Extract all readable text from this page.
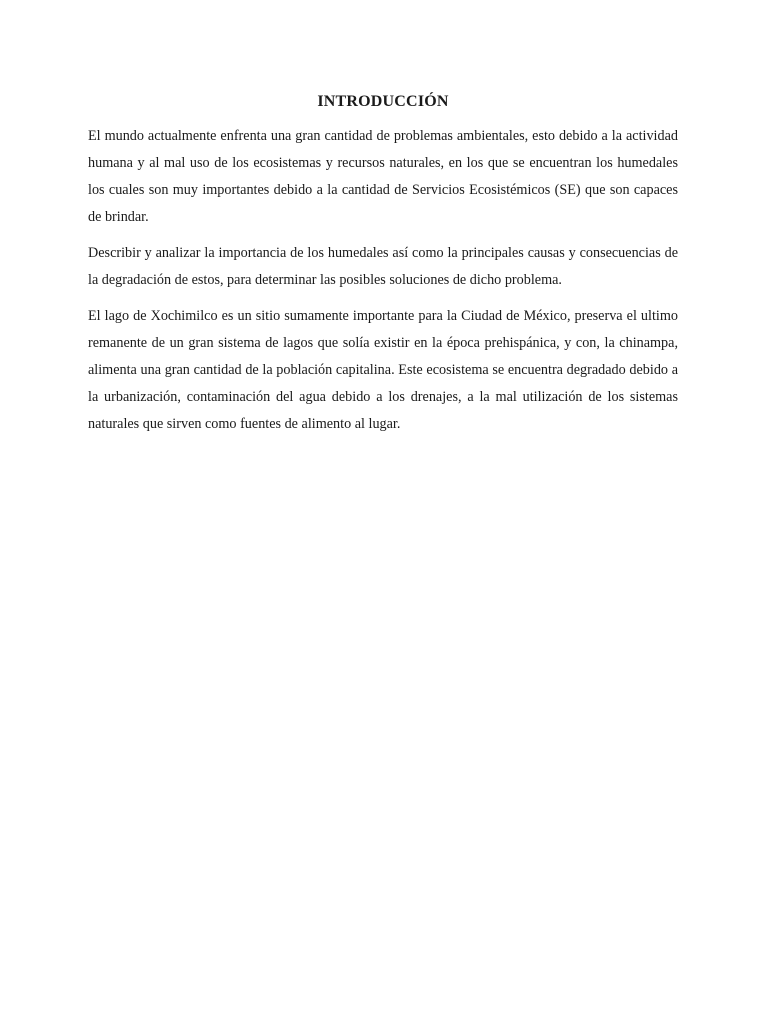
INTRODUCCIÓN

El mundo actualmente enfrenta una gran cantidad de problemas ambientales, esto debido a la actividad humana y al mal uso de los ecosistemas y recursos naturales, en los que se encuentran los humedales los cuales son muy importantes debido a la cantidad de Servicios Ecosistémicos (SE) que son capaces de brindar.

Describir y analizar la importancia de los humedales así como la principales causas y consecuencias de la degradación de estos, para determinar las posibles soluciones de dicho problema.

El lago de Xochimilco es un sitio sumamente importante para la Ciudad de México, preserva el ultimo remanente de un gran sistema de lagos que solía existir en la época prehispánica, y con, la chinampa, alimenta una gran cantidad de la población capitalina. Este ecosistema se encuentra degradado debido a la urbanización, contaminación del agua debido a los drenajes, a la mal utilización de los sistemas naturales que sirven como fuentes de alimento al lugar.
